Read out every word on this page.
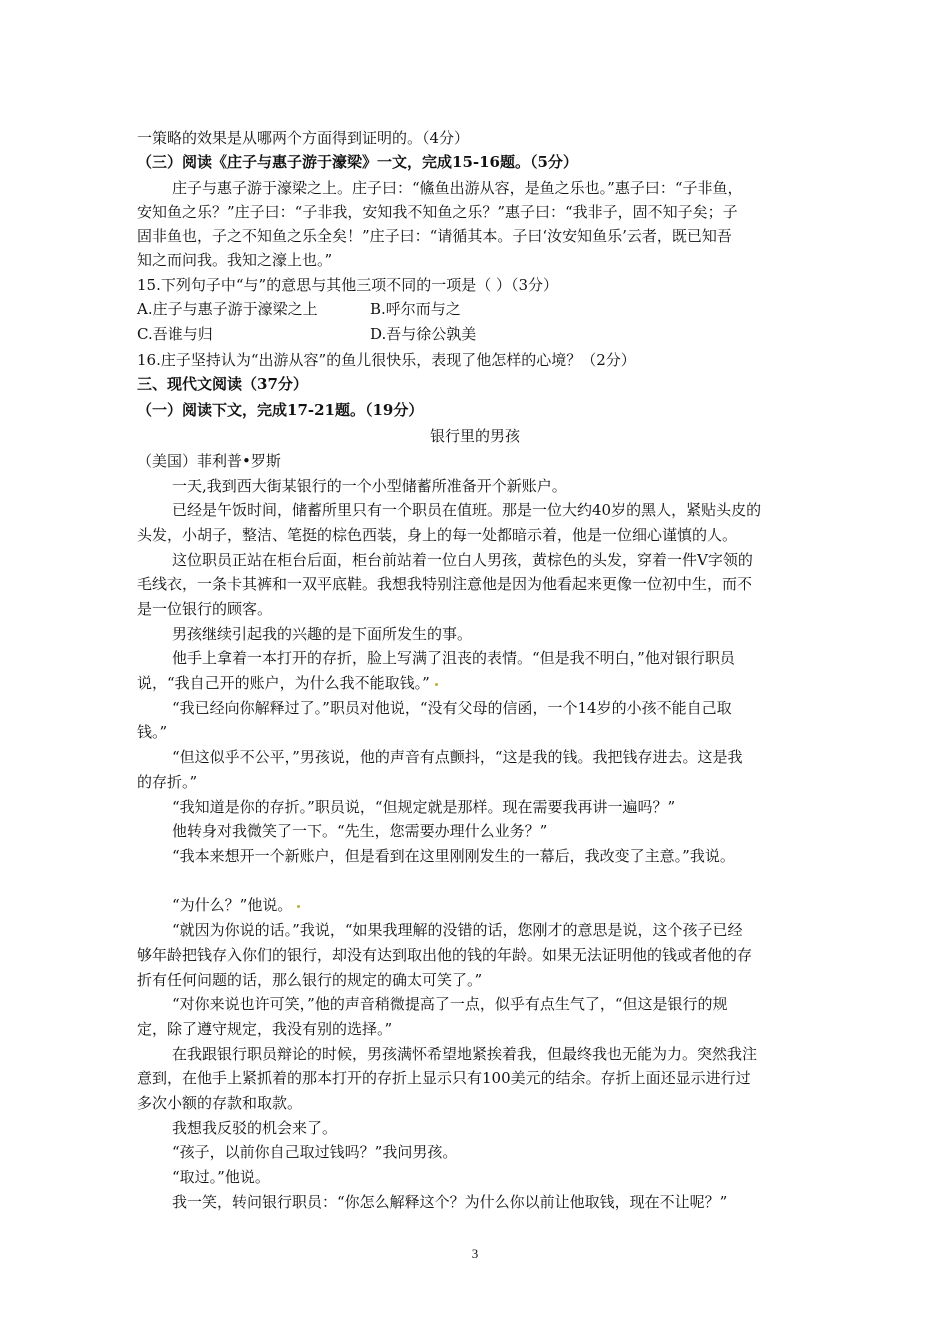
一策略的效果是从哪两个方面得到证明的。（4分）
（三）阅读《庄子与惠子游于濠梁》一文，完成15-16题。（5分）
庄子与惠子游于濠梁之上。庄子曰：“鯈鱼出游从容，是鱼之乐也。”惠子曰：“子非鱼，
安知鱼之乐？”庄子曰：“子非我，安知我不知鱼之乐？”惠子曰：“我非子，固不知子矣；子
固非鱼也，子之不知鱼之乐全矣！”庄子曰：“请循其本。子曰‘汝安知鱼乐’云者，既已知吾
知之而问我。我知之濠上也。”
15.下列句子中“与”的意思与其他三项不同的一项是（ ）（3分）
A.庄子与惠子游于濠梁之上	B.呼尔而与之
C.吾谁与归	D.吾与徐公孰美
16.庄子坚持认为“出游从容”的鱼儿很快乐，表现了他怎样的心境？（2分）
三、现代文阅读（37分）
（一）阅读下文，完成17-21题。（19分）
银行里的男孩
（美国）菲利普•罗斯
一天,我到西大街某银行的一个小型储蓄所准备开个新账户。
已经是午饭时间，储蓄所里只有一个职员在值班。那是一位大约40岁的黑人，紧贴头皮的
头发，小胡子，整洁、笔挺的棕色西装，身上的每一处都暗示着，他是一位细心谨慎的人。
这位职员正站在柜台后面，柜台前站着一位白人男孩，黄棕色的头发，穿着一件V字领的
毛线衣，一条卡其裤和一双平底鞋。我想我特别注意他是因为他看起来更像一位初中生，而不
是一位银行的顾客。
男孩继续引起我的兴趣的是下面所发生的事。
他手上拿着一本打开的存折，脸上写满了沮丧的表情。“但是我不明白，”他对银行职员
说，“我自己开的账户，为什么我不能取钱。”
“我已经向你解释过了。”职员对他说，“没有父母的信函，一个14岁的小孩不能自己取
钱。”
“但这似乎不公平，”男孩说，他的声音有点颤抖，“这是我的钱。我把钱存进去。这是我
的存折。”
“我知道是你的存折。”职员说，“但规定就是那样。现在需要我再讲一遍吗？”
他转身对我微笑了一下。“先生，您需要办理什么业务？”
“我本来想开一个新账户，但是看到在这里刚刚发生的一幕后，我改变了主意。”我说。
“为什么？”他说。
“就因为你说的话。”我说，“如果我理解的没错的话，您刚才的意思是说，这个孩子已经
够年龄把钱存入你们的银行，却没有达到取出他的钱的年龄。如果无法证明他的钱或者他的存
折有任何问题的话，那么银行的规定的确太可笑了。”
“对你来说也许可笑，”他的声音稍微提高了一点，似乎有点生气了，“但这是银行的规
定，除了遵守规定，我没有别的选择。”
在我跟银行职员辩论的时候，男孩满怀希望地紧挨着我，但最终我也无能为力。突然我注
意到，在他手上紧抓着的那本打开的存折上显示只有100美元的结余。存折上面还显示进行过
多次小额的存款和取款。
我想我反驳的机会来了。
“孩子，以前你自己取过钱吗？”我问男孩。
“取过。”他说。
我一笑，转问银行职员：“你怎么解释这个？为什么你以前让他取钱，现在不让呢？”
3
